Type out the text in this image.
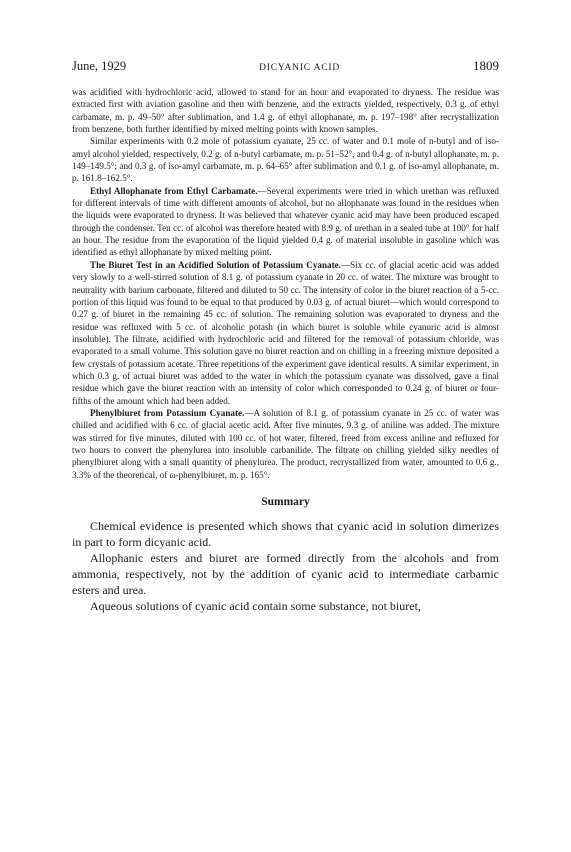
June, 1929	DICYANIC ACID	1809

was acidified with hydrochloric acid, allowed to stand for an hour and evaporated to dryness. The residue was extracted first with aviation gasoline and then with benzene, and the extracts yielded, respectively, 0.3 g. of ethyl carbamate, m. p. 49–50° after sublimation, and 1.4 g. of ethyl allophanate, m. p. 197–198° after recrystallization from benzene, both further identified by mixed melting points with known samples.

Similar experiments with 0.2 mole of potassium cyanate, 25 cc. of water and 0.1 mole of n-butyl and of iso-amyl alcohol yielded, respectively, 0.2 g. of n-butyl carbamate, m. p. 51–52°, and 0.4 g. of n-butyl allophanate, m. p. 149–149.5°; and 0.3 g. of iso-amyl carbamate, m. p. 64–65° after sublimation and 0.1 g. of iso-amyl allophanate, m. p. 161.8–162.5°.

Ethyl Allophanate from Ethyl Carbamate.—Several experiments were tried in which urethan was refluxed for different intervals of time with different amounts of alcohol, but no allophanate was found in the residues when the liquids were evaporated to dryness. It was believed that whatever cyanic acid may have been produced escaped through the condenser. Ten cc. of alcohol was therefore heated with 8.9 g. of urethan in a sealed tube at 100° for half an hour. The residue from the evaporation of the liquid yielded 0.4 g. of material insoluble in gasoline which was identified as ethyl allophanate by mixed melting point.

The Biuret Test in an Acidified Solution of Potassium Cyanate.—Six cc. of glacial acetic acid was added very slowly to a well-stirred solution of 8.1 g. of potassium cyanate in 20 cc. of water. The mixture was brought to neutrality with barium carbonate, filtered and diluted to 50 cc. The intensity of color in the biuret reaction of a 5-cc. portion of this liquid was found to be equal to that produced by 0.03 g. of actual biuret—which would correspond to 0.27 g. of biuret in the remaining 45 cc. of solution. The remaining solution was evaporated to dryness and the residue was refluxed with 5 cc. of alcoholic potash (in which biuret is soluble while cyanuric acid is almost insoluble). The filtrate, acidified with hydrochloric acid and filtered for the removal of potassium chloride, was evaporated to a small volume. This solution gave no biuret reaction and on chilling in a freezing mixture deposited a few crystals of potassium acetate. Three repetitions of the experiment gave identical results. A similar experiment, in which 0.3 g. of actual biuret was added to the water in which the potassium cyanate was dissolved, gave a final residue which gave the biuret reaction with an intensity of color which corresponded to 0.24 g. of biuret or four-fifths of the amount which had been added.

Phenylbiuret from Potassium Cyanate.—A solution of 8.1 g. of potassium cyanate in 25 cc. of water was chilled and acidified with 6 cc. of glacial acetic acid. After five minutes, 9.3 g. of aniline was added. The mixture was stirred for five minutes, diluted with 100 cc. of hot water, filtered, freed from excess aniline and refluxed for two hours to convert the phenylurea into insoluble carbanilide. The filtrate on chilling yielded silky needles of phenylbiuret along with a small quantity of phenylurea. The product, recrystallized from water, amounted to 0.6 g., 3.3% of the theoretical, of ω-phenylbiuret, m. p. 165°.

Summary

Chemical evidence is presented which shows that cyanic acid in solution dimerizes in part to form dicyanic acid.

Allophanic esters and biuret are formed directly from the alcohols and from ammonia, respectively, not by the addition of cyanic acid to intermediate carbamic esters and urea.

Aqueous solutions of cyanic acid contain some substance, not biuret,
